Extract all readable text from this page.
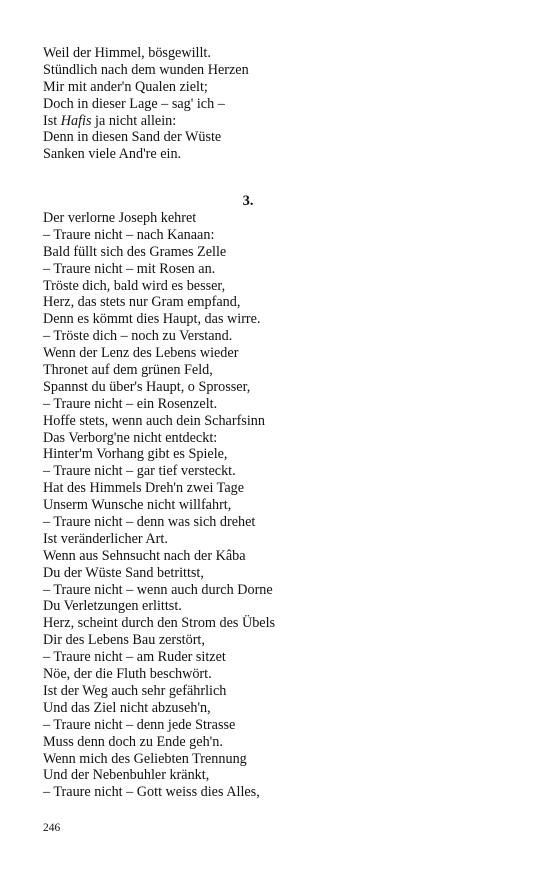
Weil der Himmel, bösgewillt.
Stündlich nach dem wunden Herzen
Mir mit ander'n Qualen zielt;
Doch in dieser Lage – sag' ich –
Ist Hafis ja nicht allein:
Denn in diesen Sand der Wüste
Sanken viele And're ein.
3.
Der verlorne Joseph kehret
– Traure nicht – nach Kanaan:
Bald füllt sich des Grames Zelle
– Traure nicht – mit Rosen an.
Tröste dich, bald wird es besser,
Herz, das stets nur Gram empfand,
Denn es kömmt dies Haupt, das wirre.
– Tröste dich – noch zu Verstand.
Wenn der Lenz des Lebens wieder
Thronet auf dem grünen Feld,
Spannst du über's Haupt, o Sprosser,
– Traure nicht – ein Rosenzelt.
Hoffe stets, wenn auch dein Scharfsinn
Das Verborg'ne nicht entdeckt:
Hinter'm Vorhang gibt es Spiele,
– Traure nicht – gar tief versteckt.
Hat des Himmels Dreh'n zwei Tage
Unserm Wunsche nicht willfahrt,
– Traure nicht – denn was sich drehet
Ist veränderlicher Art.
Wenn aus Sehnsucht nach der Kâba
Du der Wüste Sand betrittst,
– Traure nicht – wenn auch durch Dorne
Du Verletzungen erlittst.
Herz, scheint durch den Strom des Übels
Dir des Lebens Bau zerstört,
– Traure nicht – am Ruder sitzet
Nöe, der die Fluth beschwört.
Ist der Weg auch sehr gefährlich
Und das Ziel nicht abzuseh'n,
– Traure nicht – denn jede Strasse
Muss denn doch zu Ende geh'n.
Wenn mich des Geliebten Trennung
Und der Nebenbuhler kränkt,
– Traure nicht – Gott weiss dies Alles,
246
